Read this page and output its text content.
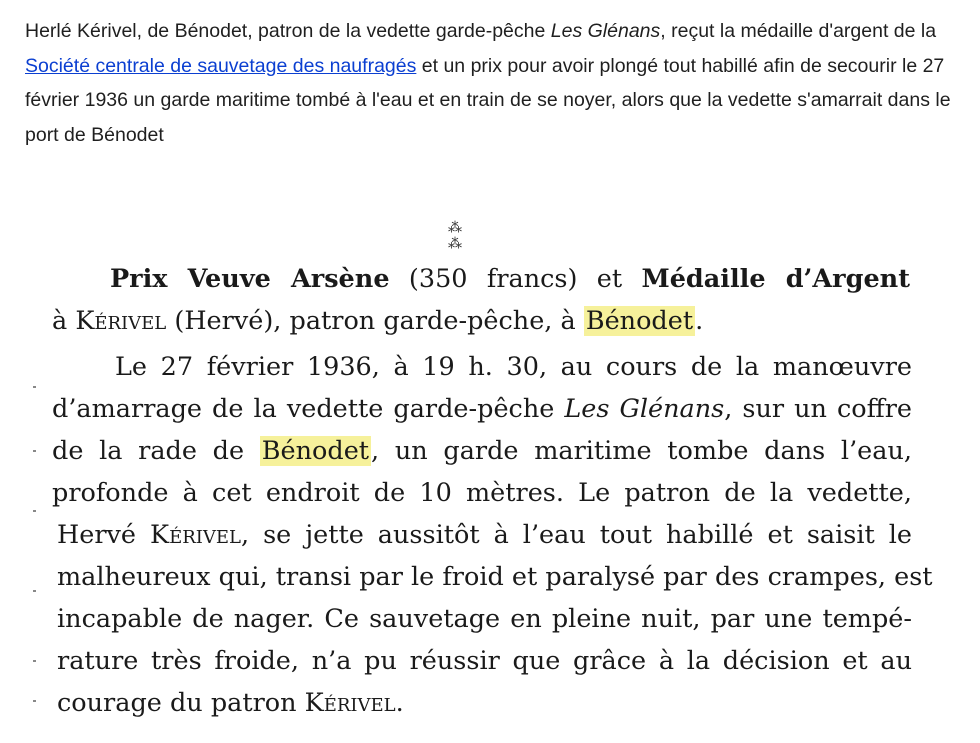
Herlé Kérivel, de Bénodet, patron de la vedette garde-pêche Les Glénans, reçut la médaille d'argent de la Société centrale de sauvetage des naufragés et un prix pour avoir plongé tout habillé afin de secourir le 27 février 1936 un garde maritime tombé à l'eau et en train de se noyer, alors que la vedette s'amarrait dans le port de Bénodet

⁂ ⁂
Prix Veuve Arsène (350 francs) et Médaille d’Argent
à Kérivel (Hervé), patron garde-pêche, à Bénodet.
Le 27 février 1936, à 19 h. 30, au cours de la manœuvre
d’amarrage de la vedette garde-pêche Les Glénans, sur un coffre
de la rade de Bénodet, un garde maritime tombe dans l’eau,
profonde à cet endroit de 10 mètres. Le patron de la vedette,
Hervé Kérivel, se jette aussitôt à l’eau tout habillé et saisit le
malheureux qui, transi par le froid et paralysé par des crampes, est
incapable de nager. Ce sauvetage en pleine nuit, par une tempé-
rature très froide, n’a pu réussir que grâce à la décision et au
courage du patron Kérivel.
